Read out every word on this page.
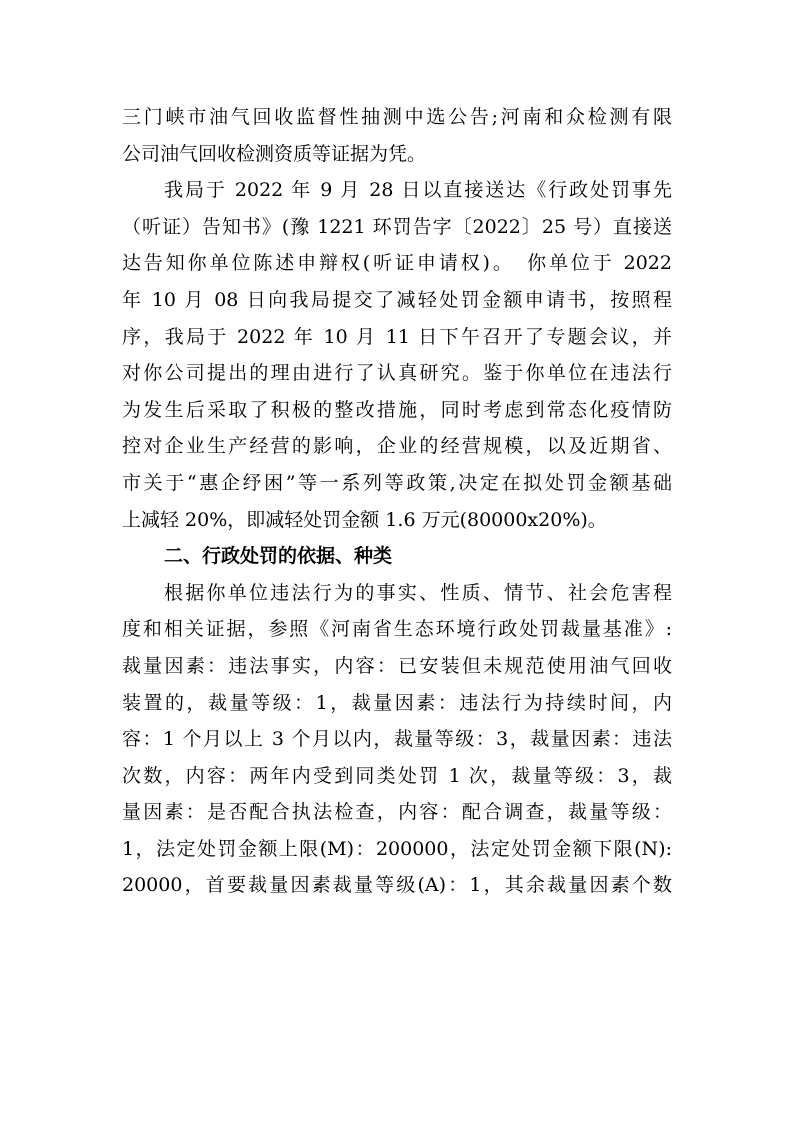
三门峡市油气回收监督性抽测中选公告;河南和众检测有限
公司油气回收检测资质等证据为凭。
我局于 2022 年 9 月 28 日以直接送达《行政处罚事先
（听证）告知书》(豫 1221 环罚告字〔2022〕25 号）直接送
达告知你单位陈述申辩权(听证申请权)。　你单位于 2022
年 10 月 08 日向我局提交了减轻处罚金额申请书，按照程
序，我局于 2022 年 10 月 11 日下午召开了专题会议，并
对你公司提出的理由进行了认真研究。鉴于你单位在违法行
为发生后采取了积极的整改措施，同时考虑到常态化疫情防
控对企业生产经营的影响，企业的经营规模，以及近期省、
市关于“惠企纾困”等一系列等政策,决定在拟处罚金额基础
上减轻 20%，即减轻处罚金额 1.6 万元(80000x20%)。
二、行政处罚的依据、种类
根据你单位违法行为的事实、性质、情节、社会危害程
度和相关证据，参照《河南省生态环境行政处罚裁量基准》:
裁量因素：违法事实，内容：已安装但未规范使用油气回收
装置的，裁量等级：1，裁量因素：违法行为持续时间，内
容：1 个月以上 3 个月以内，裁量等级：3，裁量因素：违法
次数，内容：两年内受到同类处罚 1 次，裁量等级：3，裁
量因素：是否配合执法检查，内容：配合调查，裁量等级：
1，法定处罚金额上限(M)：200000，法定处罚金额下限(N):
20000，首要裁量因素裁量等级(A)：1，其余裁量因素个数
